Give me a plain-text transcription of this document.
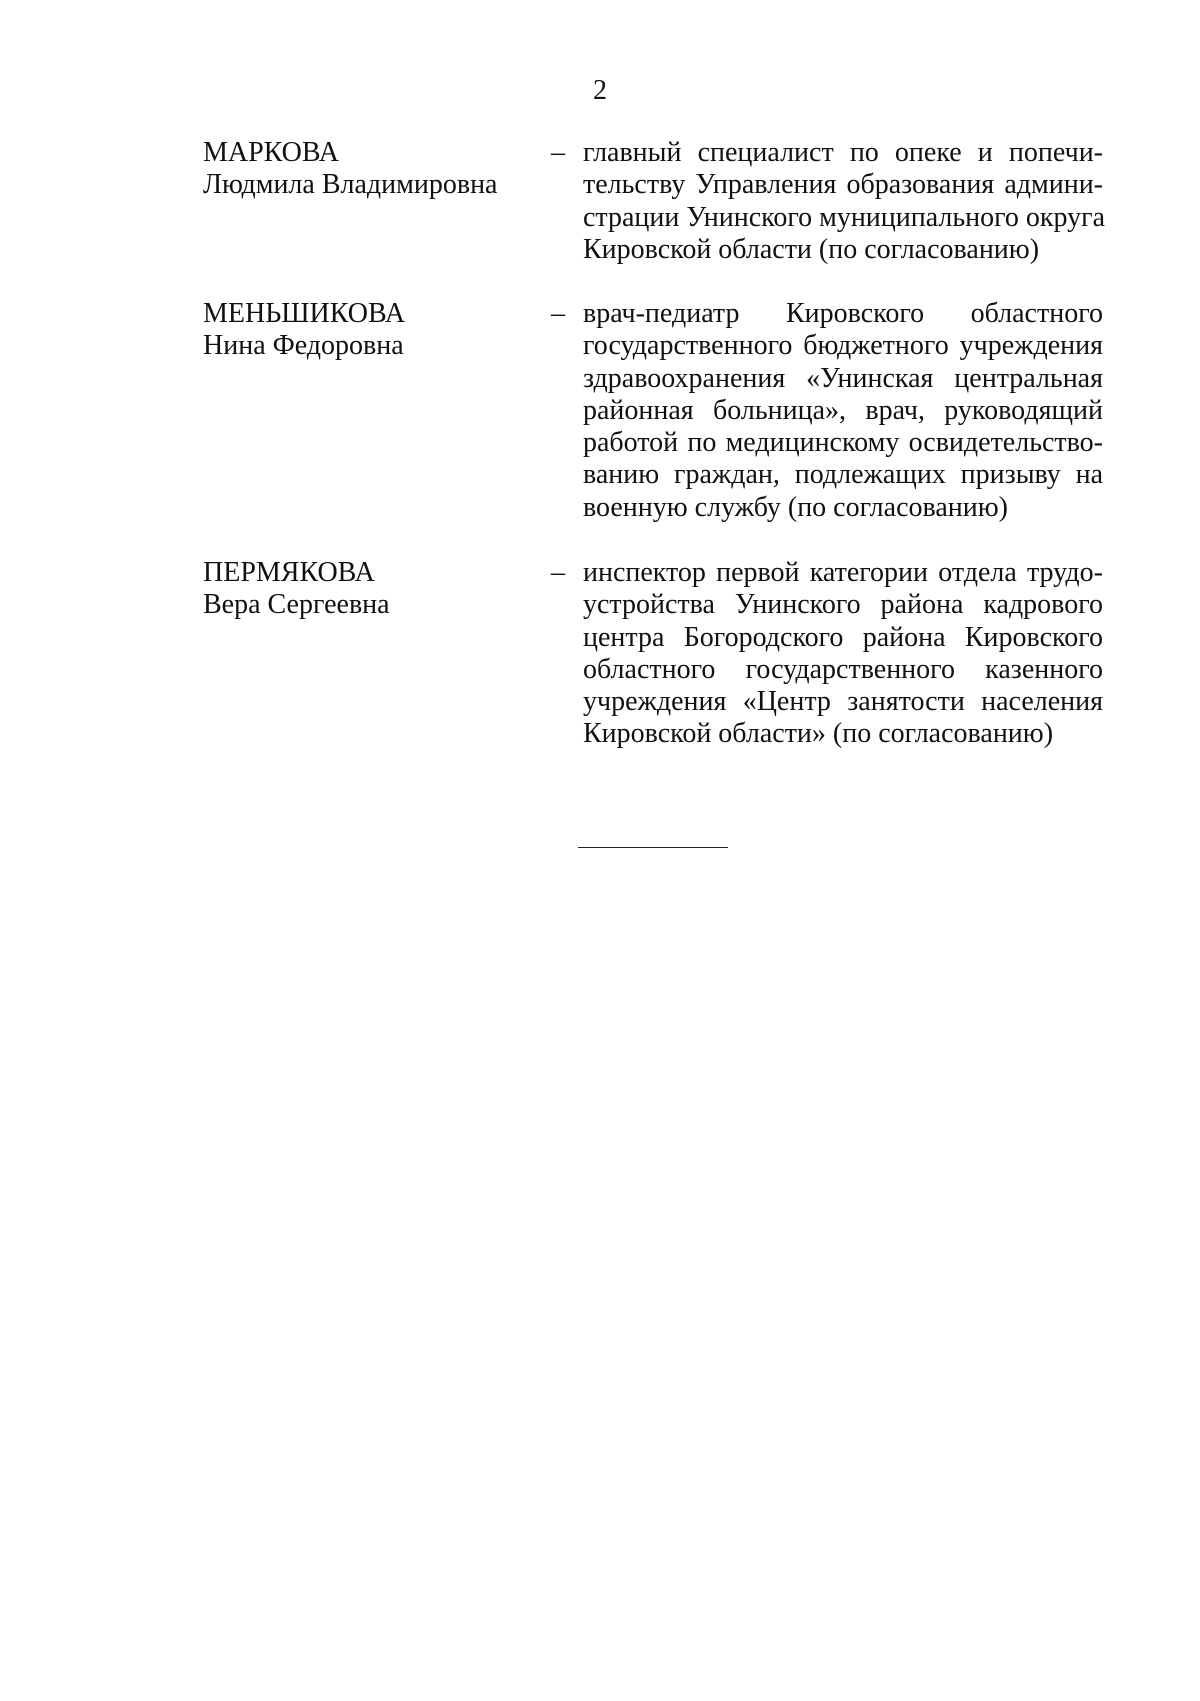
2
МАРКОВА
Людмила Владимировна
– главный специалист по опеке и попечи-
тельству Управления образования админи-
страции Унинского муниципального округа
Кировской области (по согласованию)
МЕНЬШИКОВА
Нина Федоровна
– врач-педиатр Кировского областного
государственного бюджетного учреждения
здравоохранения «Унинская центральная
районная больница», врач, руководящий
работой по медицинскому освидетельство-
ванию граждан, подлежащих призыву на
военную службу (по согласованию)
ПЕРМЯКОВА
Вера Сергеевна
– инспектор первой категории отдела трудо-
устройства Унинского района кадрового
центра Богородского района Кировского
областного государственного казенного
учреждения «Центр занятости населения
Кировской области» (по согласованию)
